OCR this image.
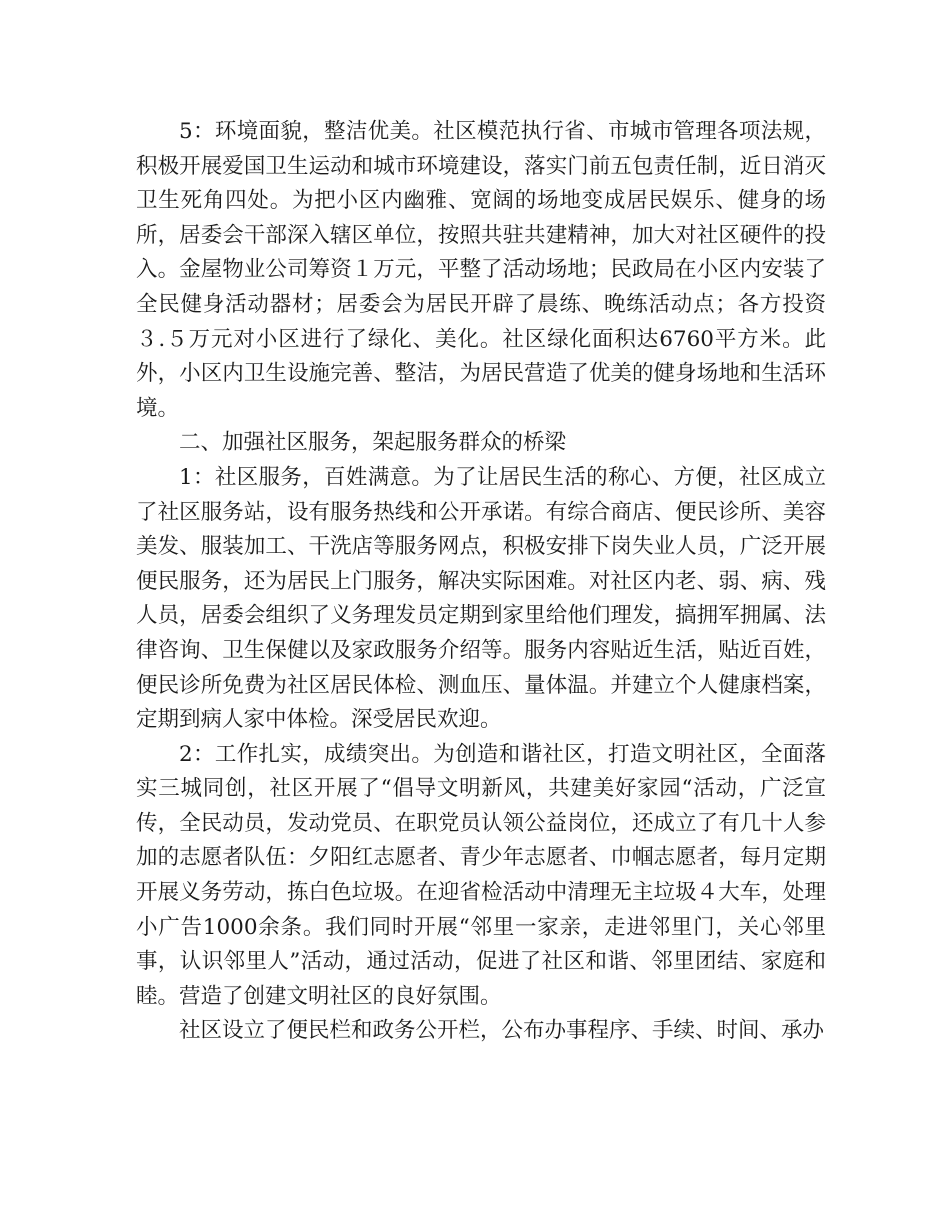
5：环境面貌，整洁优美。社区模范执行省、市城市管理各项法规，积极开展爱国卫生运动和城市环境建设，落实门前五包责任制，近日消灭卫生死角四处。为把小区内幽雅、宽阔的场地变成居民娱乐、健身的场所，居委会干部深入辖区单位，按照共驻共建精神，加大对社区硬件的投入。金屋物业公司筹资１万元，平整了活动场地；民政局在小区内安装了全民健身活动器材；居委会为居民开辟了晨练、晚练活动点；各方投资３.５万元对小区进行了绿化、美化。社区绿化面积达6760平方米。此外，小区内卫生设施完善、整洁，为居民营造了优美的健身场地和生活环境。

二、加强社区服务，架起服务群众的桥梁

1：社区服务，百姓满意。为了让居民生活的称心、方便，社区成立了社区服务站，设有服务热线和公开承诺。有综合商店、便民诊所、美容美发、服装加工、干洗店等服务网点，积极安排下岗失业人员，广泛开展便民服务，还为居民上门服务，解决实际困难。对社区内老、弱、病、残人员，居委会组织了义务理发员定期到家里给他们理发，搞拥军拥属、法律咨询、卫生保健以及家政服务介绍等。服务内容贴近生活，贴近百姓，便民诊所免费为社区居民体检、测血压、量体温。并建立个人健康档案，定期到病人家中体检。深受居民欢迎。

2：工作扎实，成绩突出。为创造和谐社区，打造文明社区，全面落实三城同创，社区开展了“倡导文明新风，共建美好家园“活动，广泛宣传，全民动员，发动党员、在职党员认领公益岗位，还成立了有几十人参加的志愿者队伍：夕阳红志愿者、青少年志愿者、巾帼志愿者，每月定期开展义务劳动，拣白色垃圾。在迎省检活动中清理无主垃圾４大车，处理小广告1000余条。我们同时开展“邻里一家亲，走进邻里门，关心邻里事，认识邻里人”活动，通过活动，促进了社区和谐、邻里团结、家庭和睦。营造了创建文明社区的良好氛围。

社区设立了便民栏和政务公开栏，公布办事程序、手续、时间、承办
